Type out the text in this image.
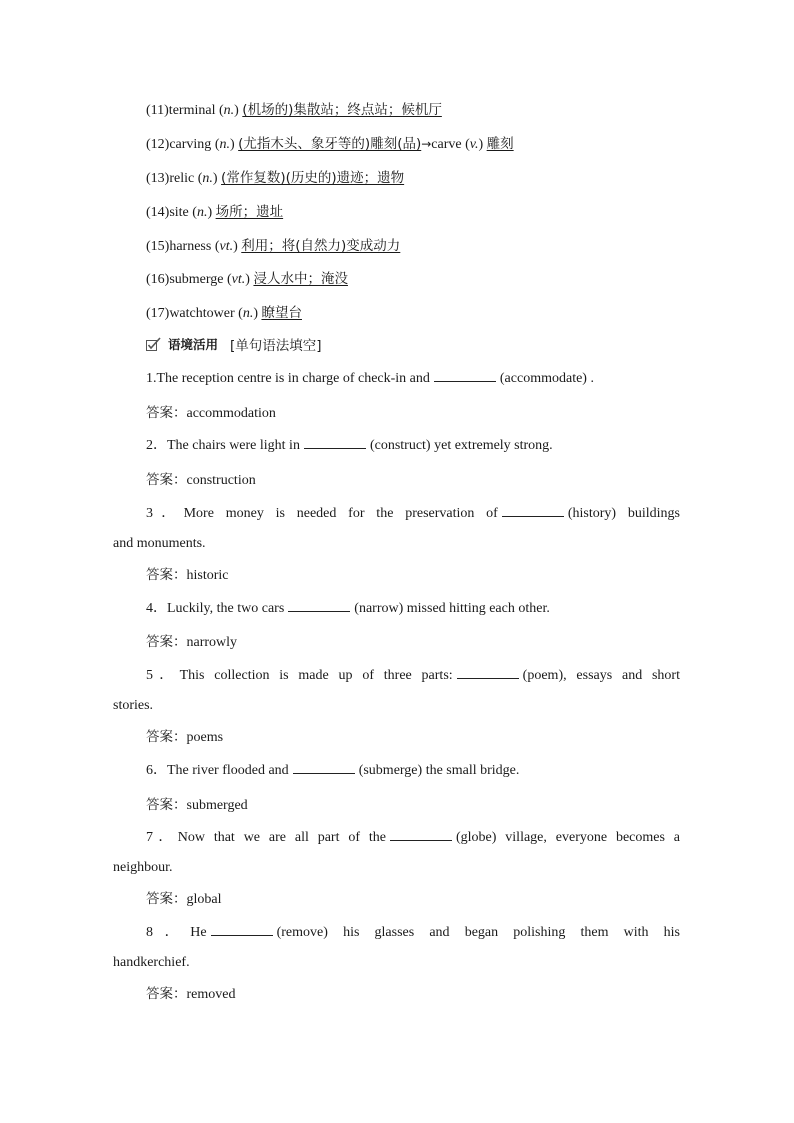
(11)terminal (n.) (机场的)集散站；终点站；候机厅
(12)carving (n.) (尤指木头、象牙等的)雕刻(品)→carve (v.) 雕刻
(13)relic (n.) (常作复数)(历史的)遗迹；遗物
(14)site (n.) 场所；遗址
(15)harness (vt.) 利用；将(自然力)变成动力
(16)submerge (vt.) 浸人水中；淹没
(17)watchtower (n.) 瞭望台
语境活用 [单句语法填空]
1.The reception centre is in charge of check-in and	(accommodate) .
答案：accommodation
2．The chairs were light in	(construct) yet extremely strong.
答案：construction
3．More money is needed for the preservation of	(history) buildings
and monuments.
答案：historic
4．Luckily, the two cars	(narrow) missed hitting each other.
答案：narrowly
5．This collection is made up of three parts:	(poem), essays and short
stories.
答案：poems
6．The river flooded and	(submerge) the small bridge.
答案：submerged
7．Now that we are all part of the	(globe) village, everyone becomes a
neighbour.
答案：global
8．He	(remove) his glasses and began polishing them with his
handkerchief.
答案：removed
